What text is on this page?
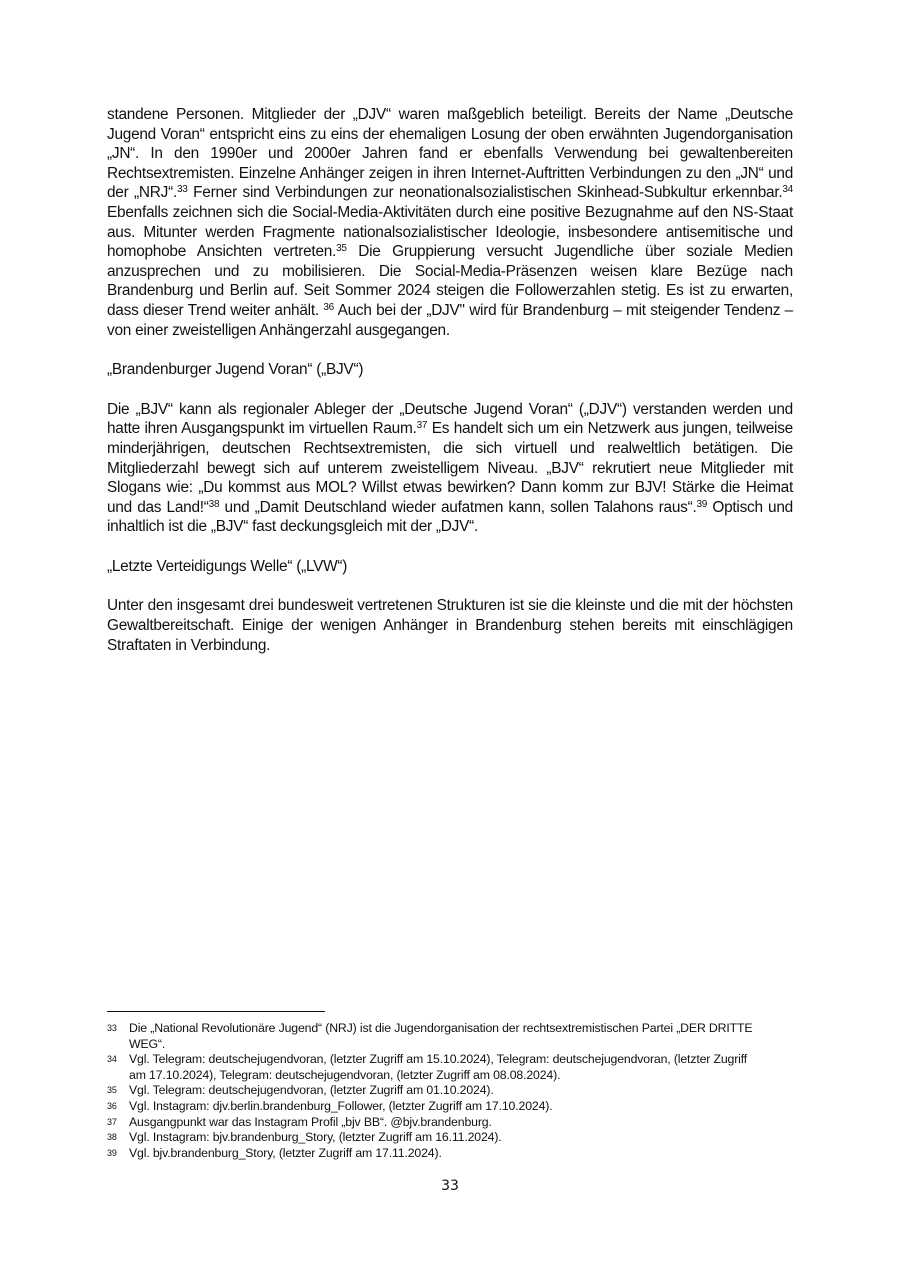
standene Personen. Mitglieder der „DJV“ waren maßgeblich beteiligt. Bereits der Name „Deutsche Jugend Voran“ entspricht eins zu eins der ehemaligen Losung der oben erwähnten Jugendorganisation „JN“. In den 1990er und 2000er Jahren fand er ebenfalls Verwendung bei gewaltenbereiten Rechtsextremisten. Einzelne Anhänger zeigen in ihren Internet-Auftritten Verbindungen zu den „JN“ und der „NRJ“.$^{33}$ Ferner sind Verbindungen zur neonationalsozialistischen Skinhead-Subkultur erkennbar.$^{34}$ Ebenfalls zeichnen sich die Social-Media-Aktivitäten durch eine positive Bezugnahme auf den NS-Staat aus. Mitunter werden Fragmente nationalsozialistischer Ideologie, insbesondere antisemitische und homophobe Ansichten vertreten.$^{35}$ Die Gruppierung versucht Jugendliche über soziale Medien anzusprechen und zu mobilisieren. Die Social-Media-Präsenzen weisen klare Bezüge nach Brandenburg und Berlin auf. Seit Sommer 2024 steigen die Followerzahlen stetig. Es ist zu erwarten, dass dieser Trend weiter anhält. $^{36}$ Auch bei der „DJV" wird für Brandenburg – mit steigender Tendenz – von einer zweistelligen Anhängerzahl ausgegangen.

„Brandenburger Jugend Voran“ („BJV“)

Die „BJV“ kann als regionaler Ableger der „Deutsche Jugend Voran“ („DJV“) verstanden werden und hatte ihren Ausgangspunkt im virtuellen Raum.$^{37}$ Es handelt sich um ein Netzwerk aus jungen, teilweise minderjährigen, deutschen Rechtsextremisten, die sich virtuell und realweltlich betätigen. Die Mitgliederzahl bewegt sich auf unterem zweistelligem Niveau. „BJV“ rekrutiert neue Mitglieder mit Slogans wie: „Du kommst aus MOL? Willst etwas bewirken? Dann komm zur BJV! Stärke die Heimat und das Land!“$^{38}$ und „Damit Deutschland wieder aufatmen kann, sollen Talahons raus“.$^{39}$ Optisch und inhaltlich ist die „BJV“ fast deckungsgleich mit der „DJV“.

„Letzte Verteidigungs Welle“ („LVW“)

Unter den insgesamt drei bundesweit vertretenen Strukturen ist sie die kleinste und die mit der höchsten Gewaltbereitschaft. Einige der wenigen Anhänger in Brandenburg stehen bereits mit einschlägigen Straftaten in Verbindung.

33 Die „National Revolutionäre Jugend“ (NRJ) ist die Jugendorganisation der rechtsextremistischen Partei „DER DRITTE WEG“.
34 Vgl. Telegram: deutschejugendvoran, (letzter Zugriff am 15.10.2024), Telegram: deutschejugendvoran, (letzter Zugriff am 17.10.2024), Telegram: deutschejugendvoran, (letzter Zugriff am 08.08.2024).
35 Vgl. Telegram: deutschejugendvoran, (letzter Zugriff am 01.10.2024).
36 Vgl. Instagram: djv.berlin.brandenburg_Follower, (letzter Zugriff am 17.10.2024).
37 Ausgangpunkt war das Instagram Profil „bjv BB“. @bjv.brandenburg.
38 Vgl. Instagram: bjv.brandenburg_Story, (letzter Zugriff am 16.11.2024).
39 Vgl. bjv.brandenburg_Story, (letzter Zugriff am 17.11.2024).
33
